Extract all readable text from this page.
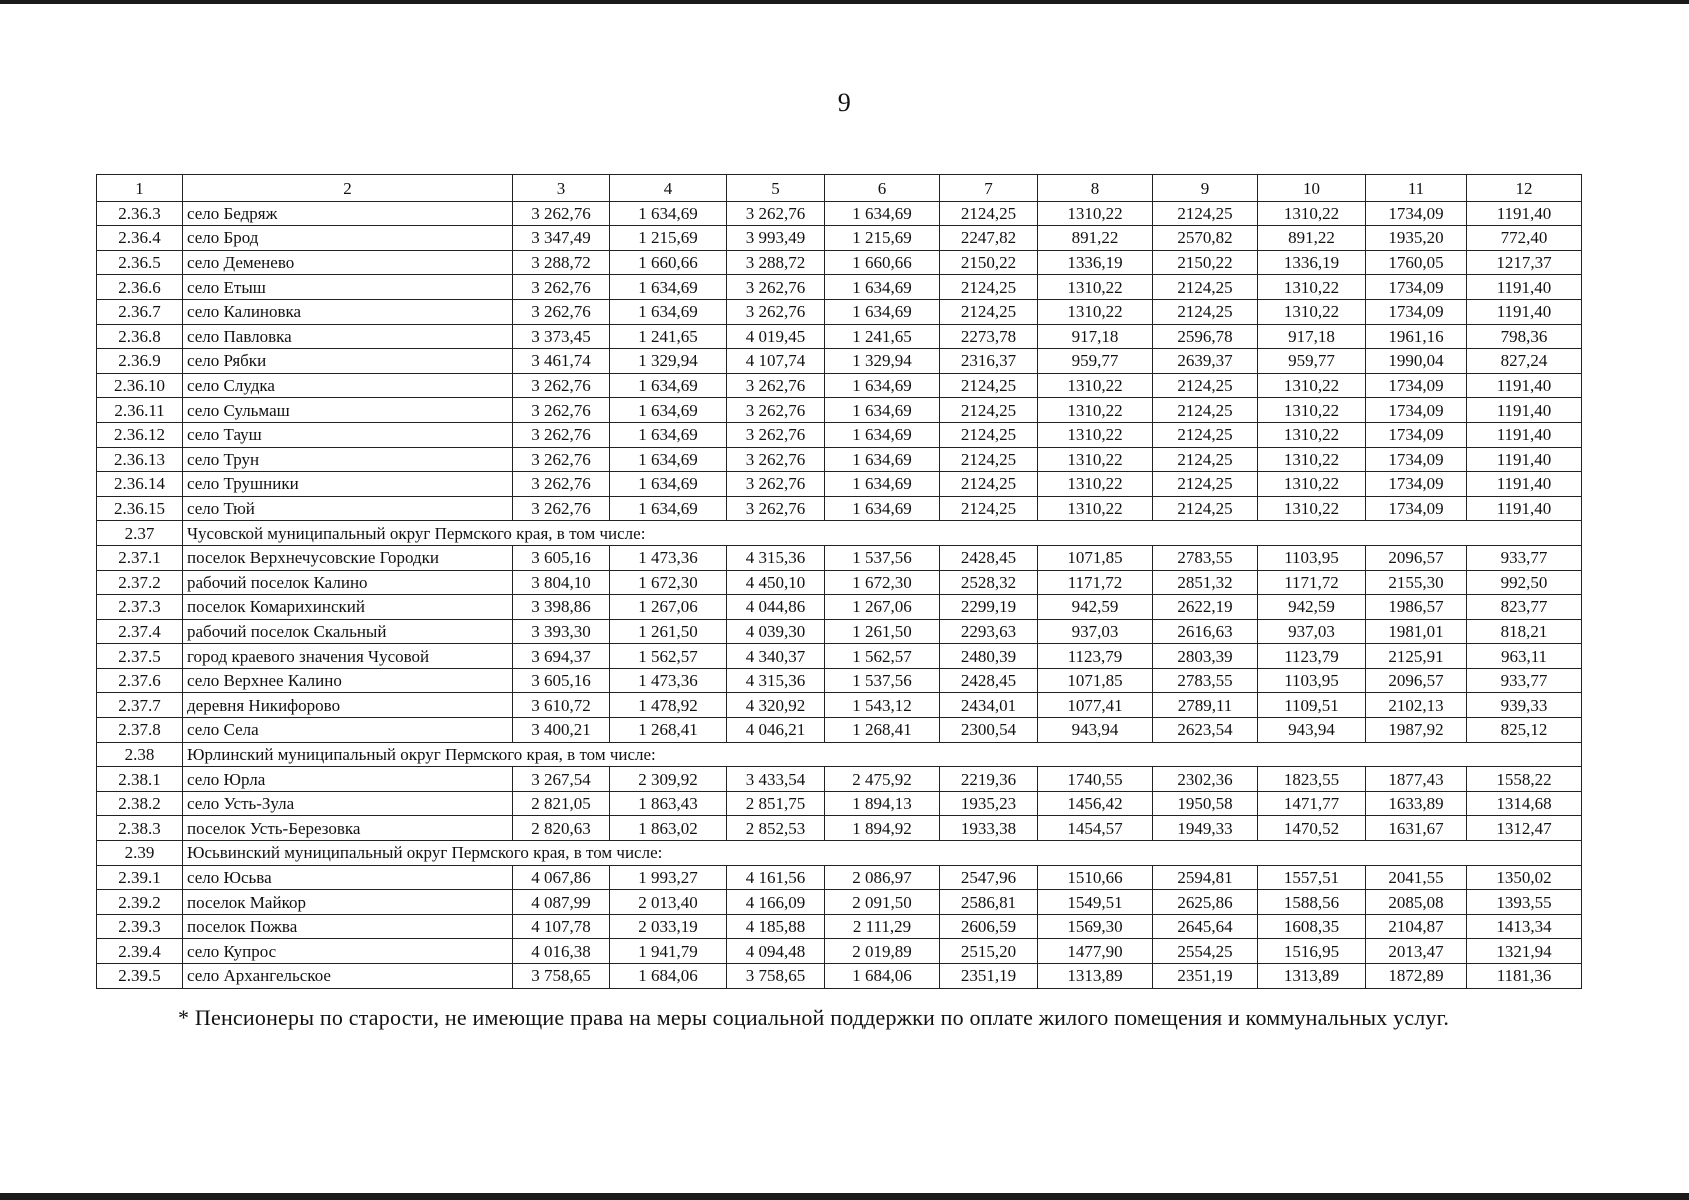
9
1	2	3	4	5	6	7	8	9	10	11	12
2.36.3	село Бедряж	3 262,76	1 634,69	3 262,76	1 634,69	2124,25	1310,22	2124,25	1310,22	1734,09	1191,40
2.36.4	село Брод	3 347,49	1 215,69	3 993,49	1 215,69	2247,82	891,22	2570,82	891,22	1935,20	772,40
2.36.5	село Деменево	3 288,72	1 660,66	3 288,72	1 660,66	2150,22	1336,19	2150,22	1336,19	1760,05	1217,37
2.36.6	село Етыш	3 262,76	1 634,69	3 262,76	1 634,69	2124,25	1310,22	2124,25	1310,22	1734,09	1191,40
2.36.7	село Калиновка	3 262,76	1 634,69	3 262,76	1 634,69	2124,25	1310,22	2124,25	1310,22	1734,09	1191,40
2.36.8	село Павловка	3 373,45	1 241,65	4 019,45	1 241,65	2273,78	917,18	2596,78	917,18	1961,16	798,36
2.36.9	село Рябки	3 461,74	1 329,94	4 107,74	1 329,94	2316,37	959,77	2639,37	959,77	1990,04	827,24
2.36.10	село Слудка	3 262,76	1 634,69	3 262,76	1 634,69	2124,25	1310,22	2124,25	1310,22	1734,09	1191,40
2.36.11	село Сульмаш	3 262,76	1 634,69	3 262,76	1 634,69	2124,25	1310,22	2124,25	1310,22	1734,09	1191,40
2.36.12	село Тауш	3 262,76	1 634,69	3 262,76	1 634,69	2124,25	1310,22	2124,25	1310,22	1734,09	1191,40
2.36.13	село Трун	3 262,76	1 634,69	3 262,76	1 634,69	2124,25	1310,22	2124,25	1310,22	1734,09	1191,40
2.36.14	село Трушники	3 262,76	1 634,69	3 262,76	1 634,69	2124,25	1310,22	2124,25	1310,22	1734,09	1191,40
2.36.15	село Тюй	3 262,76	1 634,69	3 262,76	1 634,69	2124,25	1310,22	2124,25	1310,22	1734,09	1191,40
2.37	Чусовской муниципальный округ Пермского края, в том числе:										
2.37.1	поселок Верхнечусовские Городки	3 605,16	1 473,36	4 315,36	1 537,56	2428,45	1071,85	2783,55	1103,95	2096,57	933,77
2.37.2	рабочий поселок Калино	3 804,10	1 672,30	4 450,10	1 672,30	2528,32	1171,72	2851,32	1171,72	2155,30	992,50
2.37.3	поселок Комарихинский	3 398,86	1 267,06	4 044,86	1 267,06	2299,19	942,59	2622,19	942,59	1986,57	823,77
2.37.4	рабочий поселок Скальный	3 393,30	1 261,50	4 039,30	1 261,50	2293,63	937,03	2616,63	937,03	1981,01	818,21
2.37.5	город краевого значения Чусовой	3 694,37	1 562,57	4 340,37	1 562,57	2480,39	1123,79	2803,39	1123,79	2125,91	963,11
2.37.6	село Верхнее Калино	3 605,16	1 473,36	4 315,36	1 537,56	2428,45	1071,85	2783,55	1103,95	2096,57	933,77
2.37.7	деревня Никифорово	3 610,72	1 478,92	4 320,92	1 543,12	2434,01	1077,41	2789,11	1109,51	2102,13	939,33
2.37.8	село Села	3 400,21	1 268,41	4 046,21	1 268,41	2300,54	943,94	2623,54	943,94	1987,92	825,12
2.38	Юрлинский муниципальный округ Пермского края, в том числе:										
2.38.1	село Юрла	3 267,54	2 309,92	3 433,54	2 475,92	2219,36	1740,55	2302,36	1823,55	1877,43	1558,22
2.38.2	село Усть-Зула	2 821,05	1 863,43	2 851,75	1 894,13	1935,23	1456,42	1950,58	1471,77	1633,89	1314,68
2.38.3	поселок Усть-Березовка	2 820,63	1 863,02	2 852,53	1 894,92	1933,38	1454,57	1949,33	1470,52	1631,67	1312,47
2.39	Юсьвинский муниципальный округ Пермского края, в том числе:										
2.39.1	село Юсьва	4 067,86	1 993,27	4 161,56	2 086,97	2547,96	1510,66	2594,81	1557,51	2041,55	1350,02
2.39.2	поселок Майкор	4 087,99	2 013,40	4 166,09	2 091,50	2586,81	1549,51	2625,86	1588,56	2085,08	1393,55
2.39.3	поселок Пожва	4 107,78	2 033,19	4 185,88	2 111,29	2606,59	1569,30	2645,64	1608,35	2104,87	1413,34
2.39.4	село Купрос	4 016,38	1 941,79	4 094,48	2 019,89	2515,20	1477,90	2554,25	1516,95	2013,47	1321,94
2.39.5	село Архангельское	3 758,65	1 684,06	3 758,65	1 684,06	2351,19	1313,89	2351,19	1313,89	1872,89	1181,36
* Пенсионеры по старости, не имеющие права на меры социальной поддержки по оплате жилого помещения и коммунальных услуг.
